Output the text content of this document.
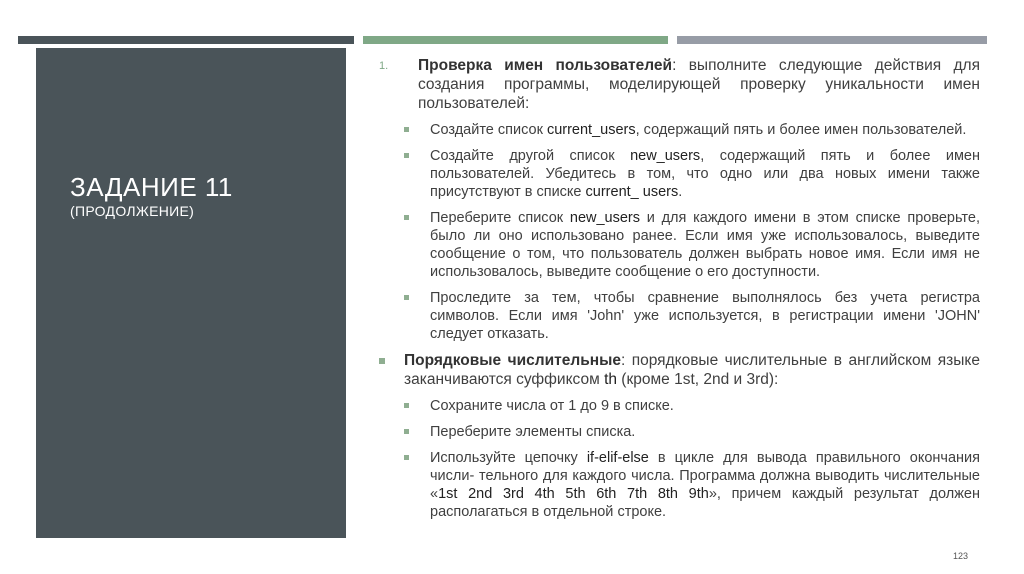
ЗАДАНИЕ 11
(ПРОДОЛЖЕНИЕ)
1. Проверка имен пользователей: выполните следующие действия для создания программы, моделирующей проверку уникальности имен пользователей:
Создайте список current_users, содержащий пять и более имен пользователей.
Создайте другой список new_users, содержащий пять и более имен пользователей. Убедитесь в том, что одно или два новых имени также присутствуют в списке current_ users.
Переберите список new_users и для каждого имени в этом списке проверьте, было ли оно использовано ранее. Если имя уже использовалось, выведите сообщение о том, что пользователь должен выбрать новое имя. Если имя не использовалось, выведите сообщение о его доступности.
Проследите за тем, чтобы сравнение выполнялось без учета регистра символов. Если имя 'John' уже используется, в регистрации имени 'JOHN' следует отказать.
Порядковые числительные: порядковые числительные в английском языке заканчиваются суффиксом th (кроме 1st, 2nd и 3rd):
Сохраните числа от 1 до 9 в списке.
Переберите элементы списка.
Используйте цепочку if-elif-else в цикле для вывода правильного окончания числи- тельного для каждого числа. Программа должна выводить числительные «1st 2nd 3rd 4th 5th 6th 7th 8th 9th», причем каждый результат должен располагаться в отдельной строке.
123
